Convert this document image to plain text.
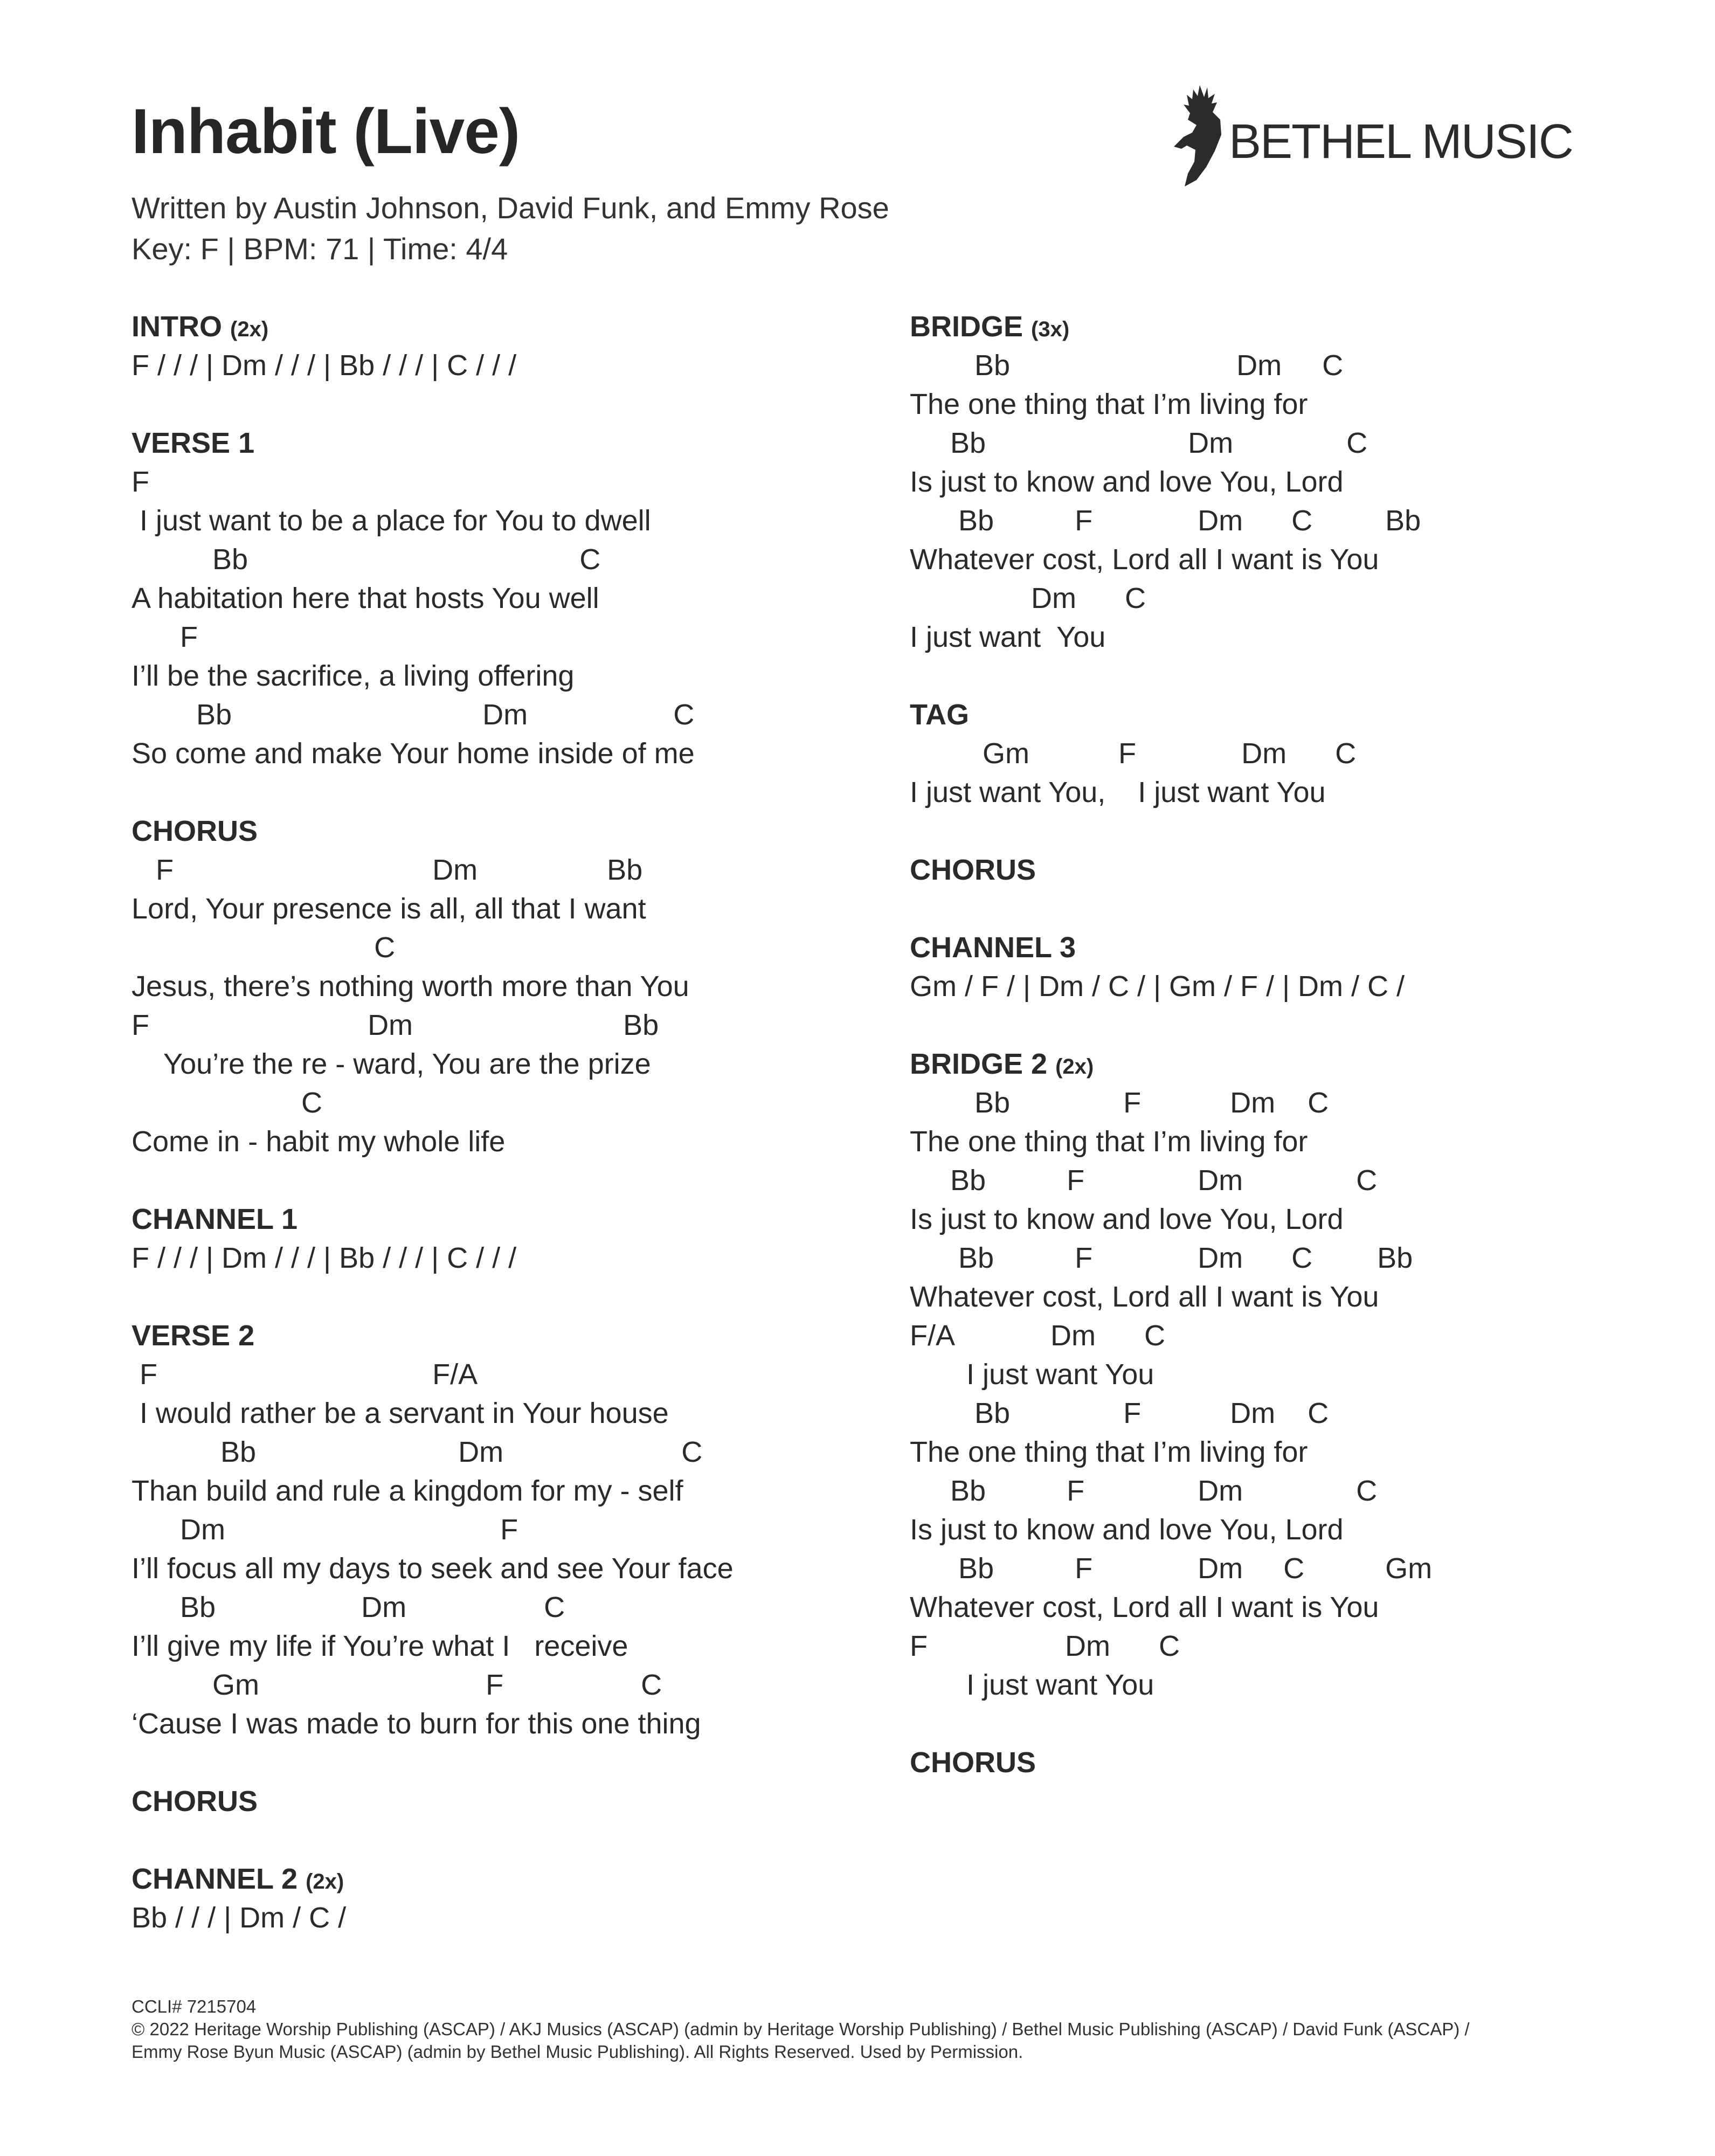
Inhabit (Live)
Written by Austin Johnson, David Funk, and Emmy Rose
Key: F | BPM: 71 | Time: 4/4
BETHEL MUSIC
INTRO (2x)
F / / / | Dm / / / | Bb / / / | C / / /
VERSE 1
F
I just want to be a place for You to dwell
Bb                                         C
A habitation here that hosts You well
F
I’ll be the sacrifice, a living offering
Bb                               Dm                  C
So come and make Your home inside of me
CHORUS
F                                Dm                Bb
Lord, Your presence is all, all that I want
C
Jesus, there’s nothing worth more than You
F                           Dm                          Bb
You’re the re - ward, You are the prize
C
Come in - habit my whole life
CHANNEL 1
F / / / | Dm / / / | Bb / / / | C / / /
VERSE 2
F                                  F/A
I would rather be a servant in Your house
Bb                         Dm                      C
Than build and rule a kingdom for my - self
Dm                                  F
I’ll focus all my days to seek and see Your face
Bb                  Dm                 C
I’ll give my life if You’re what I   receive
Gm                            F                 C
‘Cause I was made to burn for this one thing
CHORUS
CHANNEL 2 (2x)
Bb / / / | Dm / C /
BRIDGE (3x)
Bb                            Dm     C
The one thing that I’m living for
Bb                         Dm              C
Is just to know and love You, Lord
Bb          F             Dm      C         Bb
Whatever cost, Lord all I want is You
Dm      C
I just want  You
TAG
Gm           F             Dm      C
I just want You,    I just want You
CHORUS
CHANNEL 3
Gm / F / | Dm / C / | Gm / F / | Dm / C /
BRIDGE 2 (2x)
Bb              F           Dm    C
The one thing that I’m living for
Bb          F              Dm              C
Is just to know and love You, Lord
Bb          F             Dm      C        Bb
Whatever cost, Lord all I want is You
F/A            Dm      C
I just want You
Bb              F           Dm    C
The one thing that I’m living for
Bb          F              Dm              C
Is just to know and love You, Lord
Bb          F             Dm     C          Gm
Whatever cost, Lord all I want is You
F                 Dm      C
I just want You
CHORUS
CCLI# 7215704
© 2022 Heritage Worship Publishing (ASCAP) / AKJ Musics (ASCAP) (admin by Heritage Worship Publishing) / Bethel Music Publishing (ASCAP) / David Funk (ASCAP) /
Emmy Rose Byun Music (ASCAP) (admin by Bethel Music Publishing). All Rights Reserved. Used by Permission.
